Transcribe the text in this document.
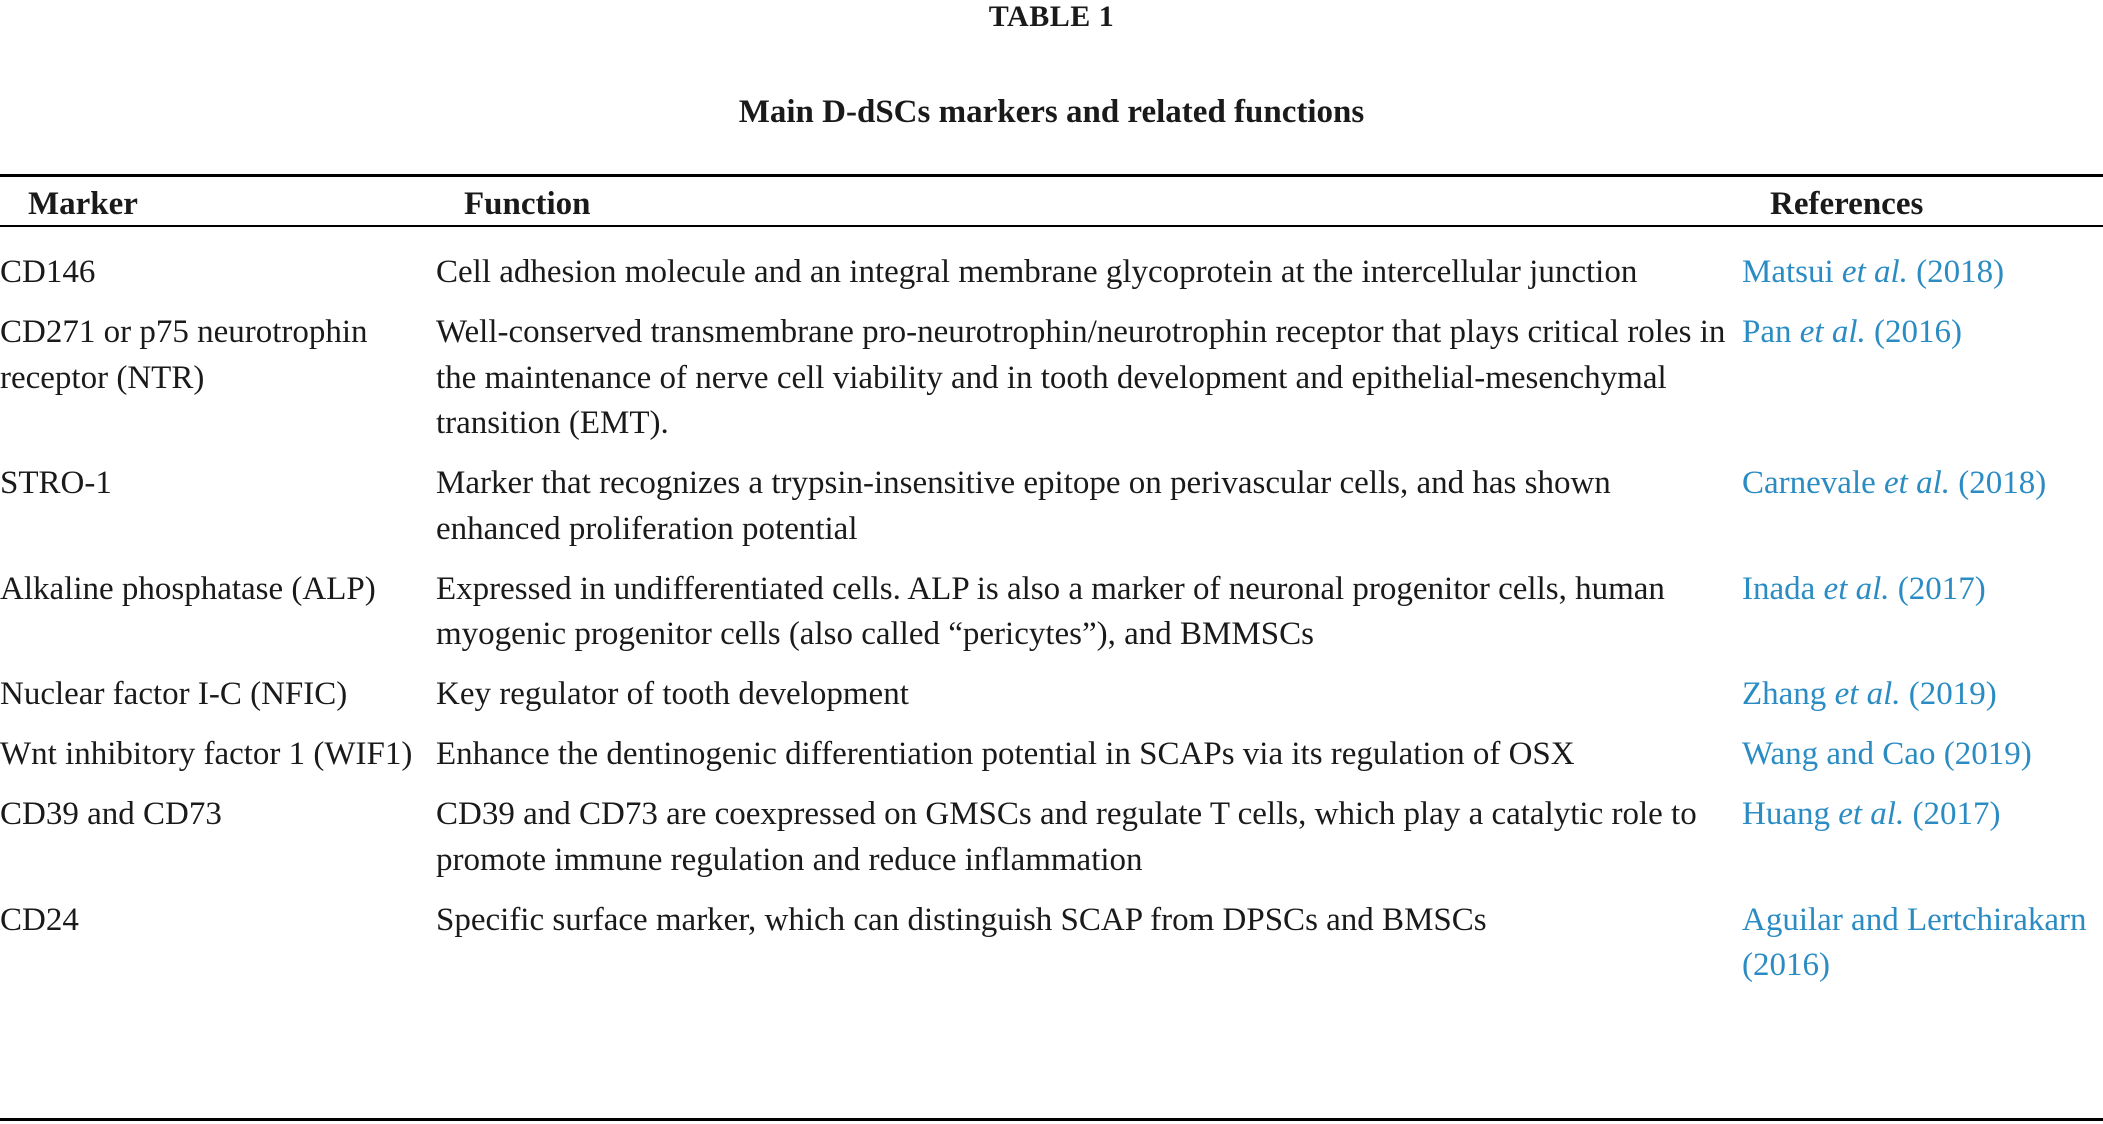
TABLE 1
Main D-dSCs markers and related functions
Marker	Function	References
CD146	Cell adhesion molecule and an integral membrane glycoprotein at the intercellular junction	Matsui et al. (2018)
CD271 or p75 neurotrophin receptor (NTR)	Well-conserved transmembrane pro-neurotrophin/neurotrophin receptor that plays critical roles in the maintenance of nerve cell viability and in tooth development and epithelial-mesenchymal transition (EMT).	Pan et al. (2016)
STRO-1	Marker that recognizes a trypsin-insensitive epitope on perivascular cells, and has shown enhanced proliferation potential	Carnevale et al. (2018)
Alkaline phosphatase (ALP)	Expressed in undifferentiated cells. ALP is also a marker of neuronal progenitor cells, human myogenic progenitor cells (also called “pericytes”), and BMMSCs	Inada et al. (2017)
Nuclear factor I-C (NFIC)	Key regulator of tooth development	Zhang et al. (2019)
Wnt inhibitory factor 1 (WIF1)	Enhance the dentinogenic differentiation potential in SCAPs via its regulation of OSX	Wang and Cao (2019)
CD39 and CD73	CD39 and CD73 are coexpressed on GMSCs and regulate T cells, which play a catalytic role to promote immune regulation and reduce inflammation	Huang et al. (2017)
CD24	Specific surface marker, which can distinguish SCAP from DPSCs and BMSCs	Aguilar and Lertchirakarn (2016)
